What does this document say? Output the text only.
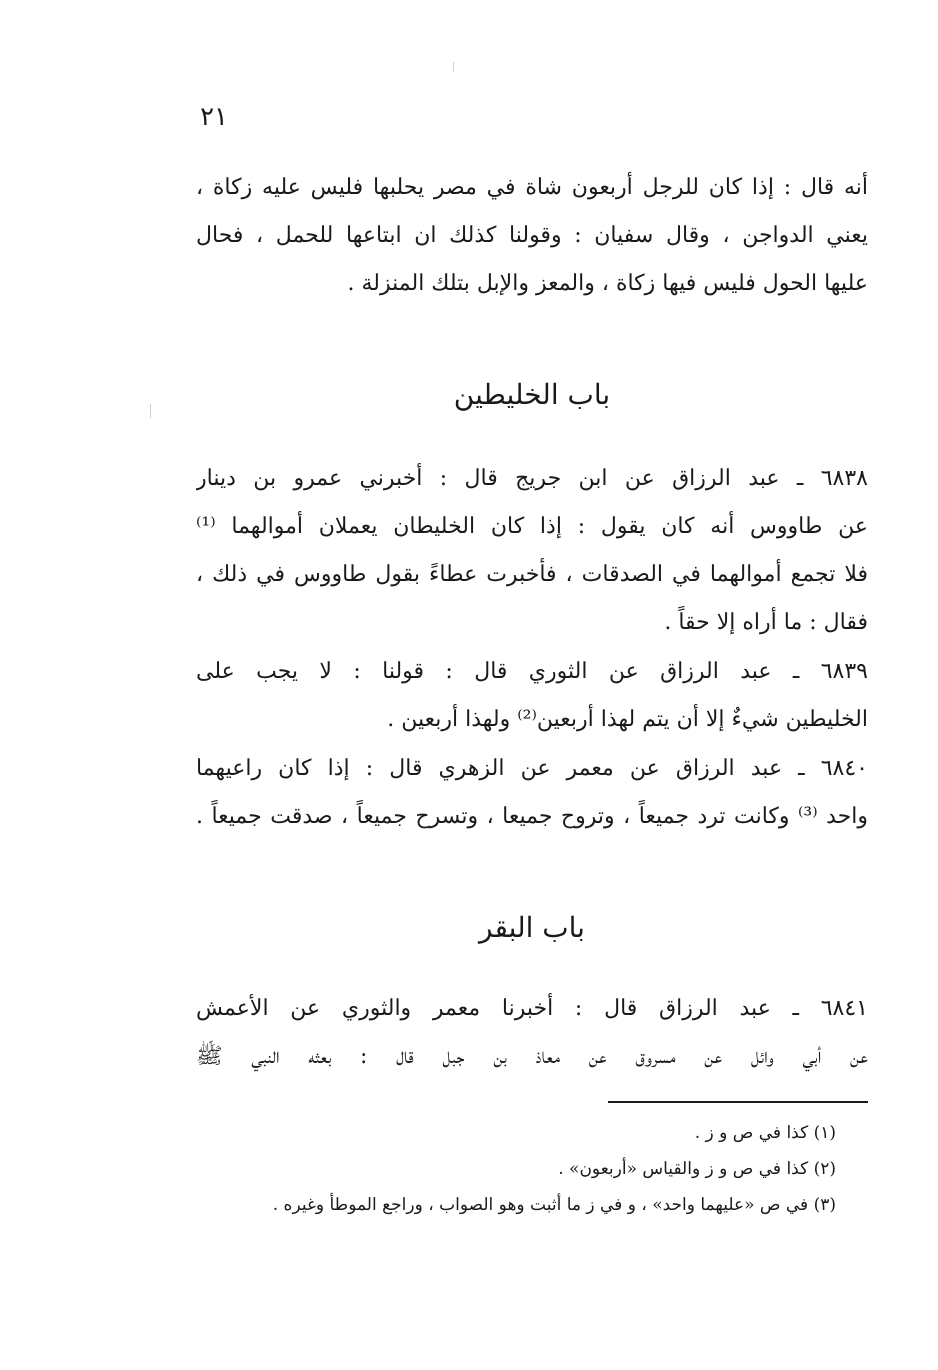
٢١
أنه قال : إذا كان للرجل أربعون شاة في مصر يحلبها فليس عليه زكاة ،
يعني الدواجن ، وقال سفيان : وقولنا كذلك ان ابتاعها للحمل ، فحال
عليها الحول فليس فيها زكاة ، والمعز والإبل بتلك المنزلة .
باب الخليطين
٦٨٣٨ ـ عبد الرزاق عن ابن جريج قال : أخبرني عمرو بن دينار
عن طاووس أنه كان يقول : إذا كان الخليطان يعملان أموالهما ⁽¹⁾
فلا تجمع أموالهما في الصدقات ، فأخبرت عطاءً بقول طاووس في ذلك ،
فقال : ما أراه إلا حقاً .
٦٨٣٩ ـ عبد الرزاق عن الثوري قال : قولنا : لا يجب على
الخليطين شيءٌ إلا أن يتم لهذا أربعين⁽²⁾ ولهذا أربعين .
٦٨٤٠ ـ عبد الرزاق عن معمر عن الزهري قال : إذا كان راعيهما
واحد ⁽³⁾ وكانت ترد جميعاً ، وتروح جميعا ، وتسرح جميعاً ، صدقت جميعاً .
باب البقر
٦٨٤١ ـ عبد الرزاق قال : أخبرنا معمر والثوري عن الأعمش
عن أبي وائل عن مسروق عن معاذ بن جبل قال : بعثه النبي ﷺ
(١) كذا في ص و ز .
(٢) كذا في ص و ز والقياس «أربعون» .
(٣) في ص «عليهما واحد» ، و في ز ما أثبت وهو الصواب ، وراجع الموطأ وغيره .
